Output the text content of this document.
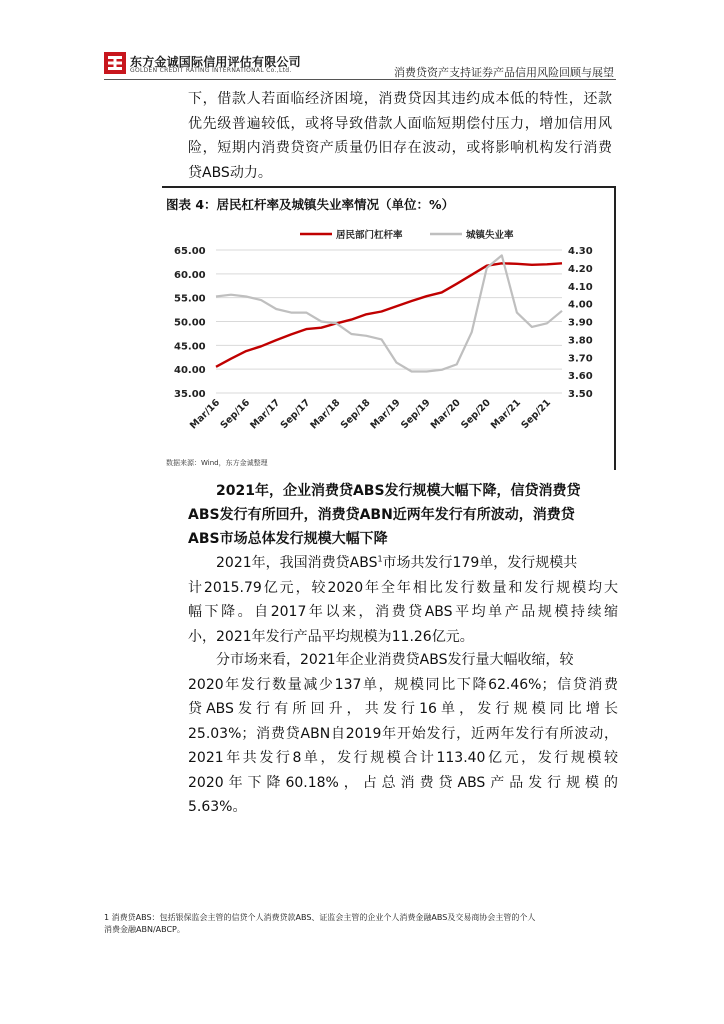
东方金诚国际信用评估有限公司
GOLDEN CREDIT RATING INTERNATIONAL Co.,Ltd.	消费贷资产支持证券产品信用风险回顾与展望
下，借款人若面临经济困境，消费贷因其违约成本低的特性，还款
优先级普遍较低，或将导致借款人面临短期偿付压力，增加信用风
险，短期内消费贷资产质量仍旧存在波动，或将影响机构发行消费
贷ABS动力。
图表 4：居民杠杆率及城镇失业率情况（单位：%）
居民部门杠杆率	城镇失业率
35.00
40.00
45.00
50.00
55.00
60.00
65.00
3.50
3.60
3.70
3.80
3.90
4.00
4.10
4.20
4.30
Mar/16
Sep/16
Mar/17
Sep/17
Mar/18
Sep/18
Mar/19
Sep/19
Mar/20
Sep/20
Mar/21
Sep/21
数据来源：Wind，东方金诚整理
2021年，企业消费贷ABS发行规模大幅下降，信贷消费贷
ABS发行有所回升，消费贷ABN近两年发行有所波动，消费贷
ABS市场总体发行规模大幅下降
2021年，我国消费贷ABS$^1$市场共发行179单，发行规模共
计2015.79亿元，较2020年全年相比发行数量和发行规模均大
幅下降。自2017年以来，消费贷ABS平均单产品规模持续缩
小，2021年发行产品平均规模为11.26亿元。
分市场来看，2021年企业消费贷ABS发行量大幅收缩，较
2020年发行数量减少137单，规模同比下降62.46%；信贷消费
贷ABS发行有所回升，共发行16单，发行规模同比增长
25.03%；消费贷ABN自2019年开始发行，近两年发行有所波动，
2021年共发行8单，发行规模合计113.40亿元，发行规模较
2020年下降60.18%，占总消费贷ABS产品发行规模的
5.63%。
1 消费贷ABS：包括银保监会主管的信贷个人消费贷款ABS、证监会主管的企业个人消费金融ABS及交易商协会主管的个人
消费金融ABN/ABCP。
